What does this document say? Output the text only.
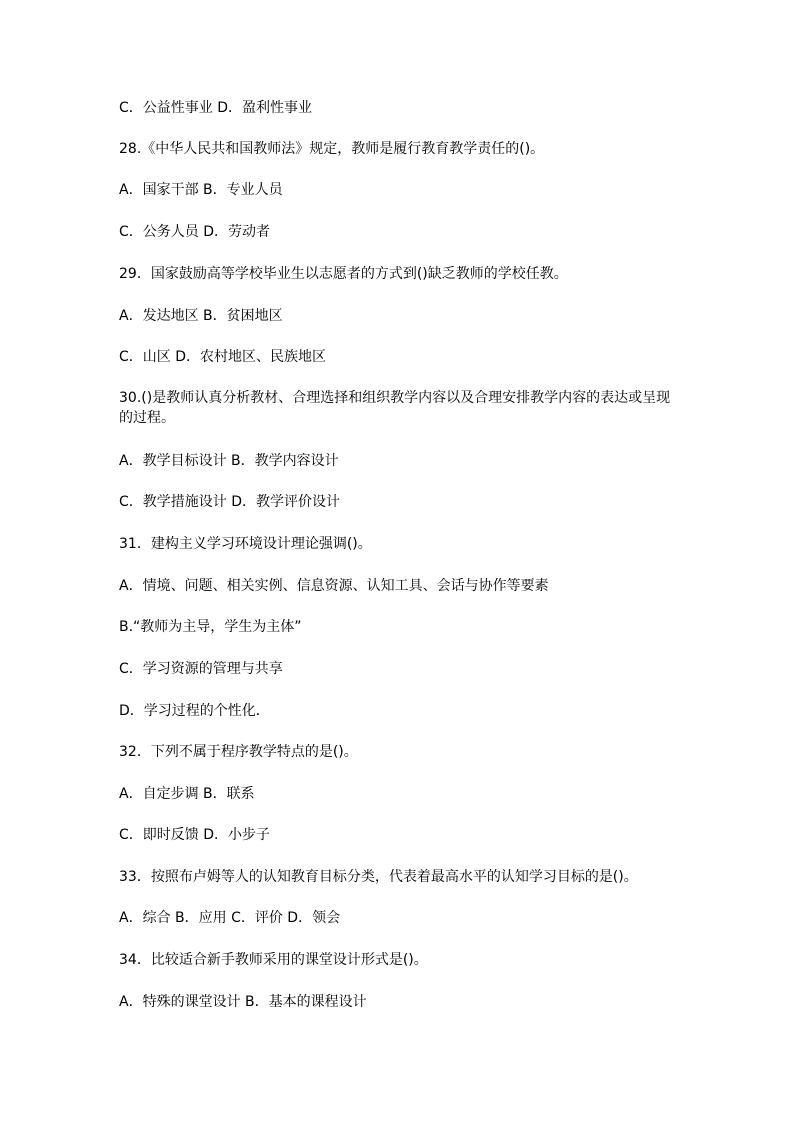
C．公益性事业 D．盈利性事业
28.《中华人民共和国教师法》规定，教师是履行教育教学责任的()。
A．国家干部 B．专业人员
C．公务人员 D．劳动者
29．国家鼓励高等学校毕业生以志愿者的方式到()缺乏教师的学校任教。
A．发达地区 B．贫困地区
C．山区 D．农村地区、民族地区
30.()是教师认真分析教材、合理选择和组织教学内容以及合理安排教学内容的表达或呈现的过程。
A．教学目标设计 B．教学内容设计
C．教学措施设计 D．教学评价设计
31．建构主义学习环境设计理论强调()。
A．情境、问题、相关实例、信息资源、认知工具、会话与协作等要素
B.“教师为主导，学生为主体”
C．学习资源的管理与共享
D．学习过程的个性化．
32．下列不属于程序教学特点的是()。
A．自定步调 B．联系
C．即时反馈 D．小步子
33．按照布卢姆等人的认知教育目标分类，代表着最高水平的认知学习目标的是()。
A．综合 B．应用 C．评价 D．领会
34．比较适合新手教师采用的课堂设计形式是()。
A．特殊的课堂设计 B．基本的课程设计
